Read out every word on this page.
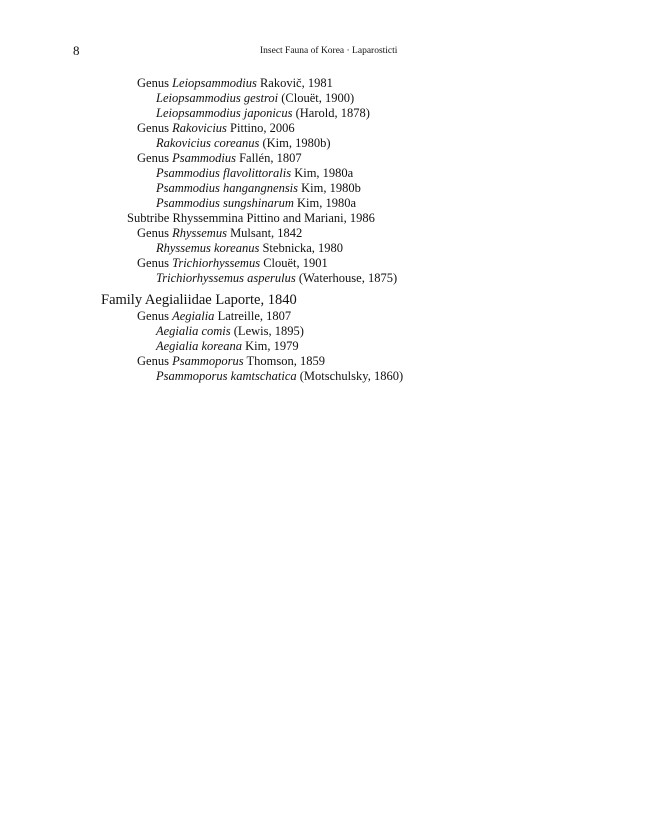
8	Insect Fauna of Korea · Laparosticti
Genus Leiopsammodius Rakovič, 1981
Leiopsammodius gestroi (Clouët, 1900)
Leiopsammodius japonicus (Harold, 1878)
Genus Rakovicius Pittino, 2006
Rakovicius coreanus (Kim, 1980b)
Genus Psammodius Fallén, 1807
Psammodius flavolittoralis Kim, 1980a
Psammodius hangangnensis Kim, 1980b
Psammodius sungshinarum Kim, 1980a
Subtribe Rhyssemmina Pittino and Mariani, 1986
Genus Rhyssemus Mulsant, 1842
Rhyssemus koreanus Stebnicka, 1980
Genus Trichiorhyssemus Clouët, 1901
Trichiorhyssemus asperulus (Waterhouse, 1875)
Family Aegialiidae Laporte, 1840
Genus Aegialia Latreille, 1807
Aegialia comis (Lewis, 1895)
Aegialia koreana Kim, 1979
Genus Psammoporus Thomson, 1859
Psammoporus kamtschatica (Motschulsky, 1860)
